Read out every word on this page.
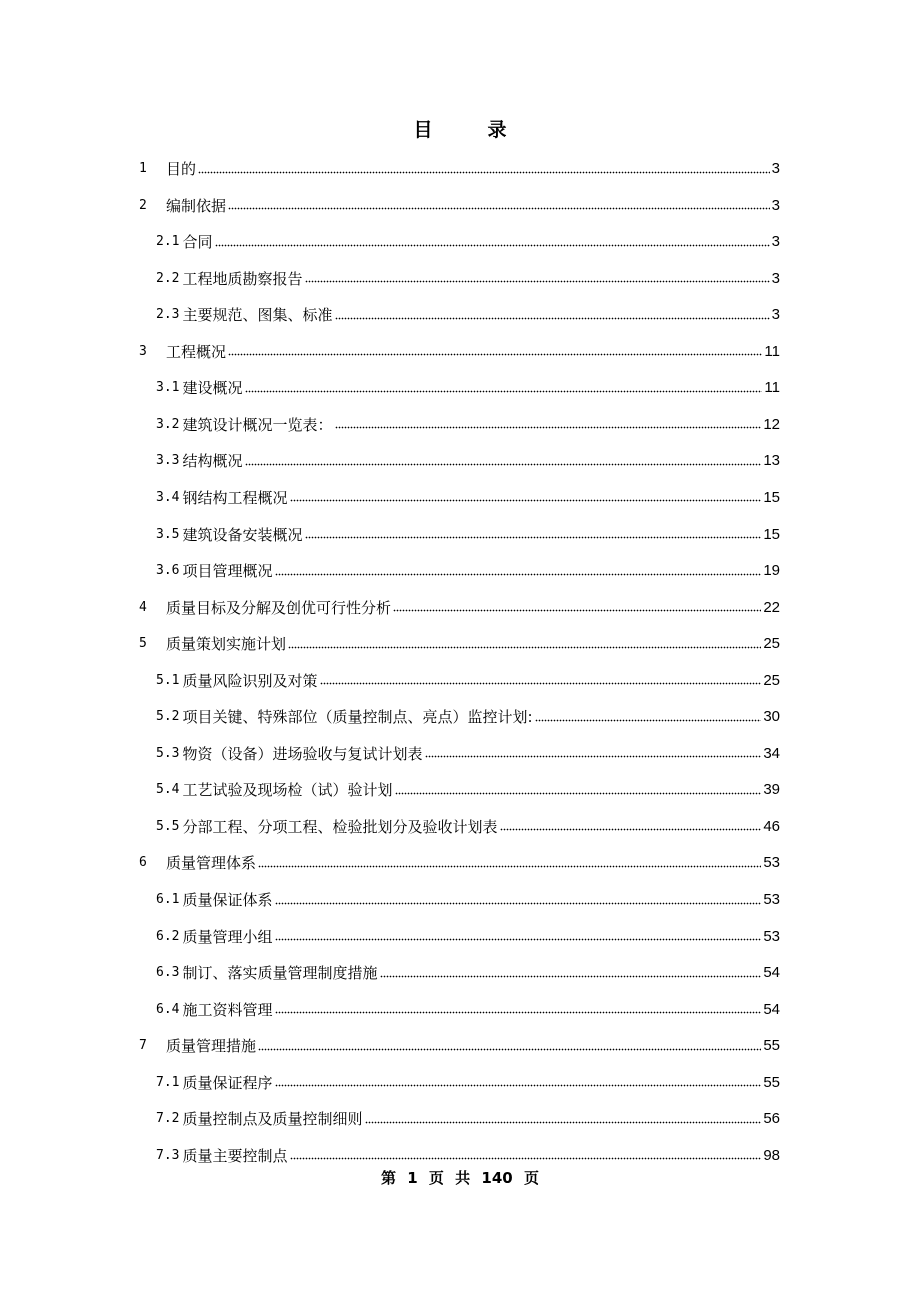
目　录
1	目的	3
2	编制依据	3
2.1 合同	3
2.2 工程地质勘察报告	3
2.3 主要规范、图集、标准	3
3	工程概况	11
3.1 建设概况	11
3.2 建筑设计概况一览表：	12
3.3 结构概况	13
3.4 钢结构工程概况	15
3.5 建筑设备安装概况	15
3.6 项目管理概况	19
4	质量目标及分解及创优可行性分析	22
5	质量策划实施计划	25
5.1 质量风险识别及对策	25
5.2 项目关键、特殊部位（质量控制点、亮点）监控计划:	30
5.3 物资（设备）进场验收与复试计划表	34
5.4 工艺试验及现场检（试）验计划	39
5.5 分部工程、分项工程、检验批划分及验收计划表	46
6	质量管理体系	53
6.1 质量保证体系	53
6.2 质量管理小组	53
6.3 制订、落实质量管理制度措施	54
6.4 施工资料管理	54
7	质量管理措施	55
7.1 质量保证程序	55
7.2 质量控制点及质量控制细则	56
7.3 质量主要控制点	98
第 1 页 共 140 页
